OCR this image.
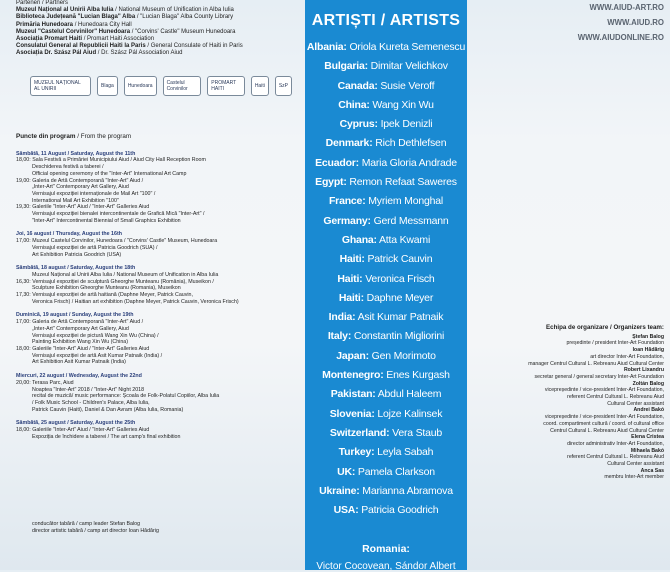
Parteneri / Partners
Muzeul Național al Unirii Alba Iulia / National Museum of Unification in Alba Iulia
Biblioteca Județeană "Lucian Blaga" Alba / "Lucian Blaga" Alba County Library
Primăria Hunedoara / Hunedoara City Hall
Muzeul "Castelul Corvinilor" Hunedoara / "Corvins' Castle" Museum Hunedoara
Asociația Promart Haiti / Promart Haiti Association
Consulatul General al Republicii Haiti la Paris / General Consulate of Haiti in Paris
Asociația Dr. Szász Pál Aiud / Dr. Szász Pál Association Aiud
MUZEUL NAȚIONAL AL UNIRII	Blaga	Hunedoara	Castelul Corvinilor
PROMART HAITI	Haiti	SzP
Puncte din program / From the program
Sâmbătă, 11 August / Saturday, August the 11th
18,00: Sala Festivă a Primăriei Municipiului Aiud / Aiud City Hall Reception Room
Deschiderea festivă a taberei /
Official opening ceremony of the "Inter-Art" International Art Camp
19,00: Galeria de Artă Contemporană "Inter-Art" Aiud /
„Inter-Art" Contemporary Art Gallery, Aiud
Vernisajul expoziției internaționale de Mail Art "100" /
International Mail Art Exhibition "100"
19,30: Galeriile "Inter-Art" Aiud / "Inter-Art" Galleries Aiud
Vernisajul expoziției bienalei intercontinentale de Grafică Mică "Inter-Art" /
"Inter-Art" Intercontinental Biennial of Small Graphics Exhibition
Joi, 16 august / Thursday, August the 16th
17,00: Muzeul Castelul Corvinilor, Hunedoara / "Corvins' Castle" Museum, Hunedoara
Vernisajul expoziției de artă Patricia Goodrich (SUA) /
Art Exhibition Patricia Goodrich (USA)
Sâmbătă, 18 august / Saturday, August the 18th
Muzeul Național al Unirii Alba Iulia / National Museum of Unification in Alba Iulia
16,30: Vernisajul expoziției de sculptură Gheorghe Munteanu (România), Museikon /
Sculpture Exhibition Gheorghe Munteanu (Romania), Museikon
17,30: Vernisajul expoziției de artă haitiană (Daphne Meyer, Patrick Cauvin,
Veronica Frisch) / Haitian art exhibition (Daphne Meyer, Patrick Cauvin, Veronica Frisch)
Duminică, 19 august / Sunday, August the 19th
17,00: Galeria de Artă Contemporană "Inter-Art" Aiud /
„Inter-Art" Contemporary Art Gallery, Aiud
Vernisajul expoziției de pictură Wang Xin Wu (China) /
Painting Exhibition Wang Xin Wu (China)
18,00: Galeriile "Inter-Art" Aiud / "Inter-Art" Galleries Aiud
Vernisajul expoziției de artă Asit Kumar Patnaik (India) /
Art Exhibition Asit Kumar Patnaik (India)
Miercuri, 22 august / Wednesday, August the 22nd
20,00: Terasa Parc, Aiud
Noaptea "Inter-Art" 2018 / "Inter-Art" Night 2018
recital de muzică/ music performance: Școala de Folk-Polatul Copiilor, Alba Iulia
/ Folk Music School - Children's Palace, Alba Iulia,
Patrick Cauvin (Haiti), Daniel & Dan Avram (Alba Iulia, Romania)
Sâmbătă, 25 august / Saturday, August the 25th
18,00: Galeriile "Inter-Art" Aiud / "Inter-Art" Galleries Aiud
Expoziția de închidere a taberei / The art camp's final exhibition
conducător tabără / camp leader Stefan Balog
director artistic tabără / camp art director Ioan Hădărig
ARTIȘTI / ARTISTS
Albania: Oriola Kureta Semenescu
Bulgaria: Dimitar Velichkov
Canada: Susie Veroff
China: Wang Xin Wu
Cyprus: Ipek Denizli
Denmark: Rich Dethlefsen
Ecuador: Maria Gloria Andrade
Egypt: Remon Refaat Saweres
France: Myriem Monghal
Germany: Gerd Messmann
Ghana: Atta Kwami
Haiti: Patrick Cauvin
Haiti: Veronica Frisch
Haiti: Daphne Meyer
India: Asit Kumar Patnaik
Italy: Constantin Migliorini
Japan: Gen Morimoto
Montenegro: Enes Kurgash
Pakistan: Abdul Haleem
Slovenia: Lojze Kalinsek
Switzerland: Vera Staub
Turkey: Leyla Sabah
UK: Pamela Clarkson
Ukraine: Marianna Abramova
USA: Patricia Goodrich
Romania:
Victor Cocovean, Sándor Albert
WWW.AIUD-ART.RO
WWW.AIUD.RO
WWW.AIUDONLINE.RO
Echipa de organizare / Organizers team:
Ștefan Balog
președinte / president Inter-Art Foundation
Ioan Hădărig
art director Inter-Art Foundation,
manager Centrul Cultural L. Rebreanu Aiud Cultural Center
Robert Lixandru
secretar general / general secretary Inter-Art Foundation
Zoltán Balog
vicepreședinte / vice-president Inter-Art Foundation,
referent Centrul Cultural L. Rebreanu Aiud
Cultural Center assistant
Andrei Bakó
vicepreședinte / vice-president Inter-Art Foundation,
coord. compartiment cultură / coord. of cultural office
Centrul Cultural L. Rebreanu Aiud Cultural Center
Elena Cristea
director administrativ Inter-Art Foundation,
Mihaela Bakó
referent Centrul Cultural L. Rebreanu Aiud
Cultural Center assistant
Anca Sas
membru Inter-Art member
